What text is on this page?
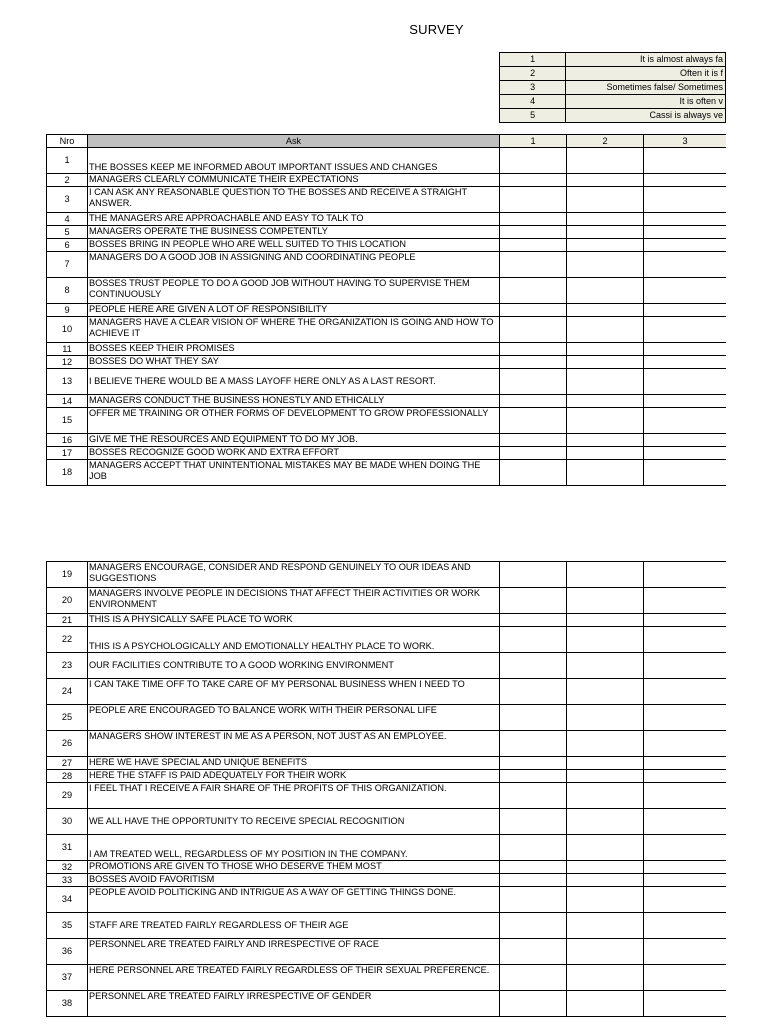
SURVEY
1	It is almost always fa
2	Often it is f
3	Sometimes false/ Sometimes
4	It is often v
5	Cassi is always ve
Nro	Ask	1	2	3
1	THE BOSSES KEEP ME INFORMED ABOUT IMPORTANT ISSUES AND CHANGES			
2	MANAGERS CLEARLY COMMUNICATE THEIR EXPECTATIONS			
3	I CAN ASK ANY REASONABLE QUESTION TO THE BOSSES AND RECEIVE A STRAIGHT ANSWER.			
4	THE MANAGERS ARE APPROACHABLE AND EASY TO TALK TO			
5	MANAGERS OPERATE THE BUSINESS COMPETENTLY			
6	BOSSES BRING IN PEOPLE WHO ARE WELL SUITED TO THIS LOCATION			
7	MANAGERS DO A GOOD JOB IN ASSIGNING AND COORDINATING PEOPLE			
8	BOSSES TRUST PEOPLE TO DO A GOOD JOB WITHOUT HAVING TO SUPERVISE THEM CONTINUOUSLY			
9	PEOPLE HERE ARE GIVEN A LOT OF RESPONSIBILITY			
10	MANAGERS HAVE A CLEAR VISION OF WHERE THE ORGANIZATION IS GOING AND HOW TO ACHIEVE IT			
11	BOSSES KEEP THEIR PROMISES			
12	BOSSES DO WHAT THEY SAY			
13	I BELIEVE THERE WOULD BE A MASS LAYOFF HERE ONLY AS A LAST RESORT.			
14	MANAGERS CONDUCT THE BUSINESS HONESTLY AND ETHICALLY			
15	OFFER ME TRAINING OR OTHER FORMS OF DEVELOPMENT TO GROW PROFESSIONALLY			
16	GIVE ME THE RESOURCES AND EQUIPMENT TO DO MY JOB.			
17	BOSSES RECOGNIZE GOOD WORK AND EXTRA EFFORT			
18	MANAGERS ACCEPT THAT UNINTENTIONAL MISTAKES MAY BE MADE WHEN DOING THE JOB			
19	MANAGERS ENCOURAGE, CONSIDER AND RESPOND GENUINELY TO OUR IDEAS AND SUGGESTIONS			
20	MANAGERS INVOLVE PEOPLE IN DECISIONS THAT AFFECT THEIR ACTIVITIES OR WORK ENVIRONMENT			
21	THIS IS A PHYSICALLY SAFE PLACE TO WORK			
22	THIS IS A PSYCHOLOGICALLY AND EMOTIONALLY HEALTHY PLACE TO WORK.			
23	OUR FACILITIES CONTRIBUTE TO A GOOD WORKING ENVIRONMENT			
24	I CAN TAKE TIME OFF TO TAKE CARE OF MY PERSONAL BUSINESS WHEN I NEED TO			
25	PEOPLE ARE ENCOURAGED TO BALANCE WORK WITH THEIR PERSONAL LIFE			
26	MANAGERS SHOW INTEREST IN ME AS A PERSON, NOT JUST AS AN EMPLOYEE.			
27	HERE WE HAVE SPECIAL AND UNIQUE BENEFITS			
28	HERE THE STAFF IS PAID ADEQUATELY FOR THEIR WORK			
29	I FEEL THAT I RECEIVE A FAIR SHARE OF THE PROFITS OF THIS ORGANIZATION.			
30	WE ALL HAVE THE OPPORTUNITY TO RECEIVE SPECIAL RECOGNITION			
31	I AM TREATED WELL, REGARDLESS OF MY POSITION IN THE COMPANY.			
32	PROMOTIONS ARE GIVEN TO THOSE WHO DESERVE THEM MOST			
33	BOSSES AVOID FAVORITISM			
34	PEOPLE AVOID POLITICKING AND INTRIGUE AS A WAY OF GETTING THINGS DONE.			
35	STAFF ARE TREATED FAIRLY REGARDLESS OF THEIR AGE			
36	PERSONNEL ARE TREATED FAIRLY AND IRRESPECTIVE OF RACE			
37	HERE PERSONNEL ARE TREATED FAIRLY REGARDLESS OF THEIR SEXUAL PREFERENCE.			
38	PERSONNEL ARE TREATED FAIRLY IRRESPECTIVE OF GENDER			
